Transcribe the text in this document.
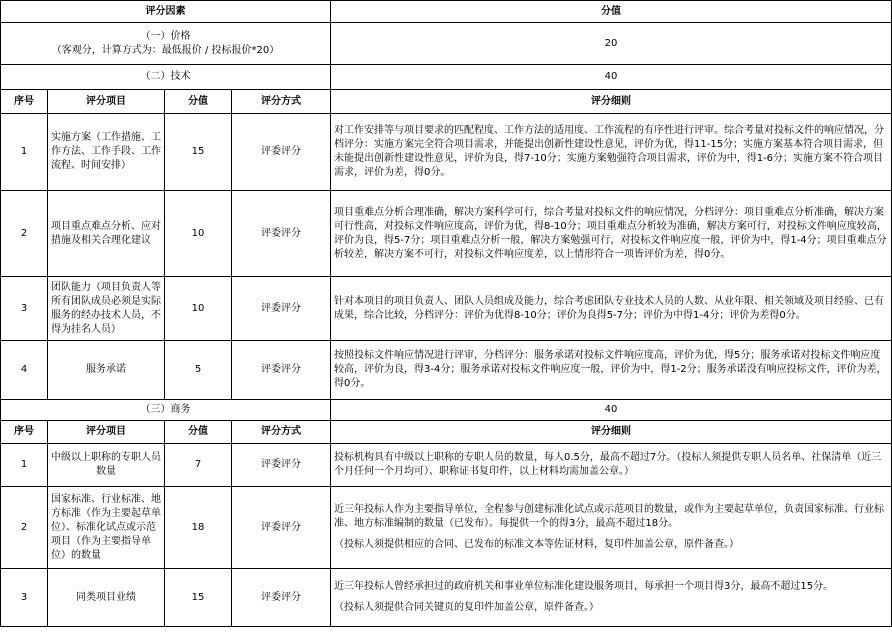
评分因素				分值
（一）价格
（客观分，计算方式为：最低报价 / 投标报价*20）				20
（二）技术				40
序号	评分项目	分值	评分方式	评分细则
1	实施方案（工作措施、工作方法、工作手段、工作流程、时间安排）	15	评委评分	对工作安排等与项目要求的匹配程度、工作方法的适用度、工作流程的有序性进行评审。综合考量对投标文件的响应情况，分档评分：实施方案完全符合项目需求，并能提出创新性建设性意见，评价为优，得11-15分；实施方案基本符合项目需求，但未能提出创新性建设性意见，评价为良，得7-10分；实施方案勉强符合项目需求，评价为中，得1-6分；实施方案不符合项目需求，评价为差，得0分。
2	项目重点难点分析、应对措施及相关合理化建议	10	评委评分	项目重难点分析合理准确，解决方案科学可行，综合考量对投标文件的响应情况，分档评分：项目重难点分析准确，解决方案可行性高，对投标文件响应度高，评价为优，得8-10分；项目重难点分析较为准确，解决方案可行，对投标文件响应度较高，评价为良，得5-7分；项目重难点分析一般，解决方案勉强可行，对投标文件响应度一般，评价为中，得1-4分；项目重难点分析较差，解决方案不可行，对投标文件响应度差，以上情形符合一项皆评价为差，得0分。
3	团队能力（项目负责人等所有团队成员必须是实际服务的经办技术人员，不得为挂名人员）	10	评委评分	针对本项目的项目负责人、团队人员组成及能力，综合考虑团队专业技术人员的人数、从业年限、相关领域及项目经验、已有成果，综合比较，分档评分：评价为优得8-10分；评价为良得5-7分；评价为中得1-4分；评价为差得0分。
4	服务承诺	5	评委评分	按照投标文件响应情况进行评审，分档评分：服务承诺对投标文件响应度高，评价为优，得5分；服务承诺对投标文件响应度较高，评价为良，得3-4分；服务承诺对投标文件响应度一般，评价为中，得1-2分；服务承诺没有响应投标文件，评价为差，得0分。
（三）商务				40
序号	评分项目	分值	评分方式	评分细则
1	中级以上职称的专职人员数量	7	评委评分	投标机构具有中级以上职称的专职人员的数量，每人0.5分，最高不超过7分。（投标人须提供专职人员名单、社保清单（近三个月任何一个月均可）、职称证书复印件，以上材料均需加盖公章。）
2	国家标准、行业标准、地方标准（作为主要起草单位）、标准化试点或示范项目（作为主要指导单位）的数量	18	评委评分	近三年投标人作为主要指导单位，全程参与创建标准化试点或示范项目的数量，或作为主要起草单位，负责国家标准、行业标准、地方标准编制的数量（已发布）。每提供一个的得3分，最高不超过18分。
（投标人须提供相应的合同、已发布的标准文本等佐证材料，复印件加盖公章，原件备查。）

3	同类项目业绩	15	评委评分	近三年投标人曾经承担过的政府机关和事业单位标准化建设服务项目，每承担一个项目得3分，最高不超过15分。
（投标人须提供合同关键页的复印件加盖公章，原件备查。）
